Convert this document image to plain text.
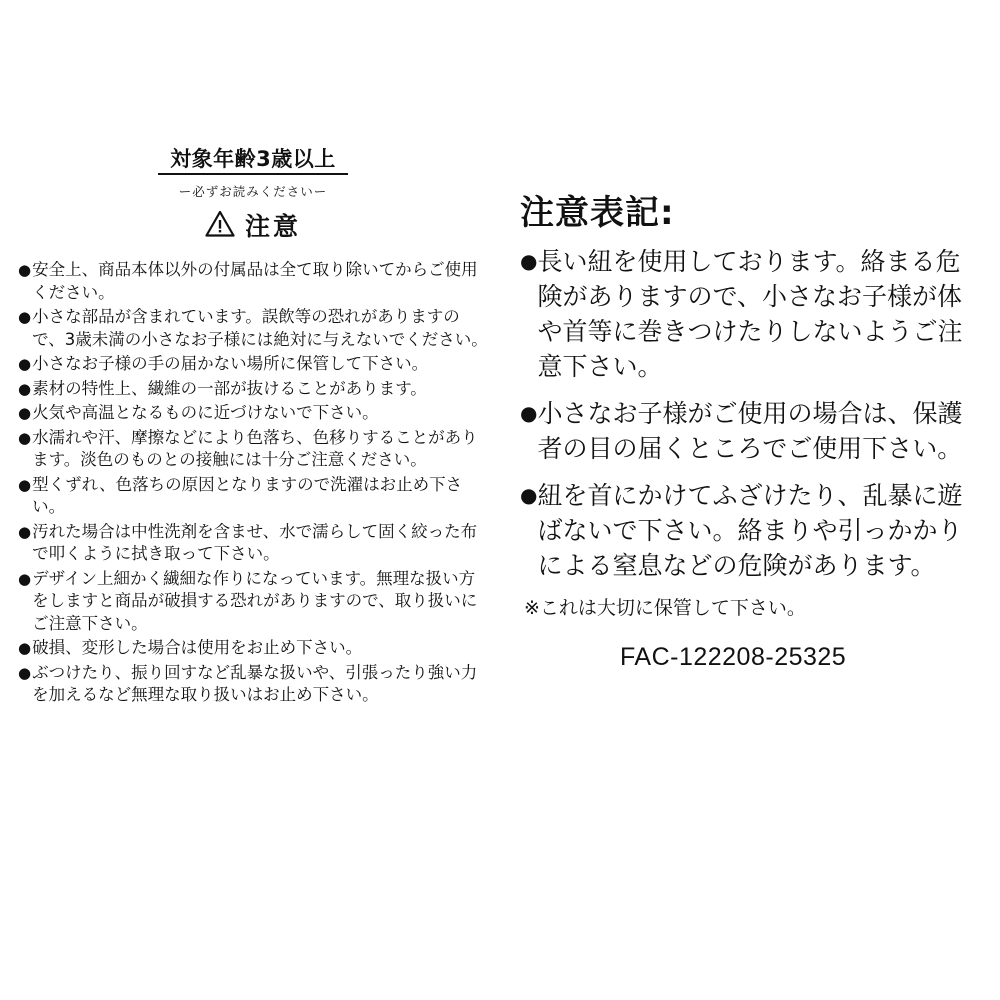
対象年齢3歳以上
ー必ずお読みくださいー
注意
● 安全上、商品本体以外の付属品は全て取り除いてからご使用ください。
● 小さな部品が含まれています。誤飲等の恐れがありますので、3歳未満の小さなお子様には絶対に与えないでください。
● 小さなお子様の手の届かない場所に保管して下さい。
● 素材の特性上、繊維の一部が抜けることがあります。
● 火気や高温となるものに近づけないで下さい。
● 水濡れや汗、摩擦などにより色落ち、色移りすることがあります。淡色のものとの接触には十分ご注意ください。
● 型くずれ、色落ちの原因となりますので洗濯はお止め下さい。
● 汚れた場合は中性洗剤を含ませ、水で濡らして固く絞った布で叩くように拭き取って下さい。
● デザイン上細かく繊細な作りになっています。無理な扱い方をしますと商品が破損する恐れがありますので、取り扱いにご注意下さい。
● 破損、変形した場合は使用をお止め下さい。
● ぶつけたり、振り回すなど乱暴な扱いや、引張ったり強い力を加えるなど無理な取り扱いはお止め下さい。
注意表記:
● 長い紐を使用しております。絡まる危険がありますので、小さなお子様が体や首等に巻きつけたりしないようご注意下さい。
● 小さなお子様がご使用の場合は、保護者の目の届くところでご使用下さい。
● 紐を首にかけてふざけたり、乱暴に遊ばないで下さい。絡まりや引っかかりによる窒息などの危険があります。
※これは大切に保管して下さい。
FAC-122208-25325
